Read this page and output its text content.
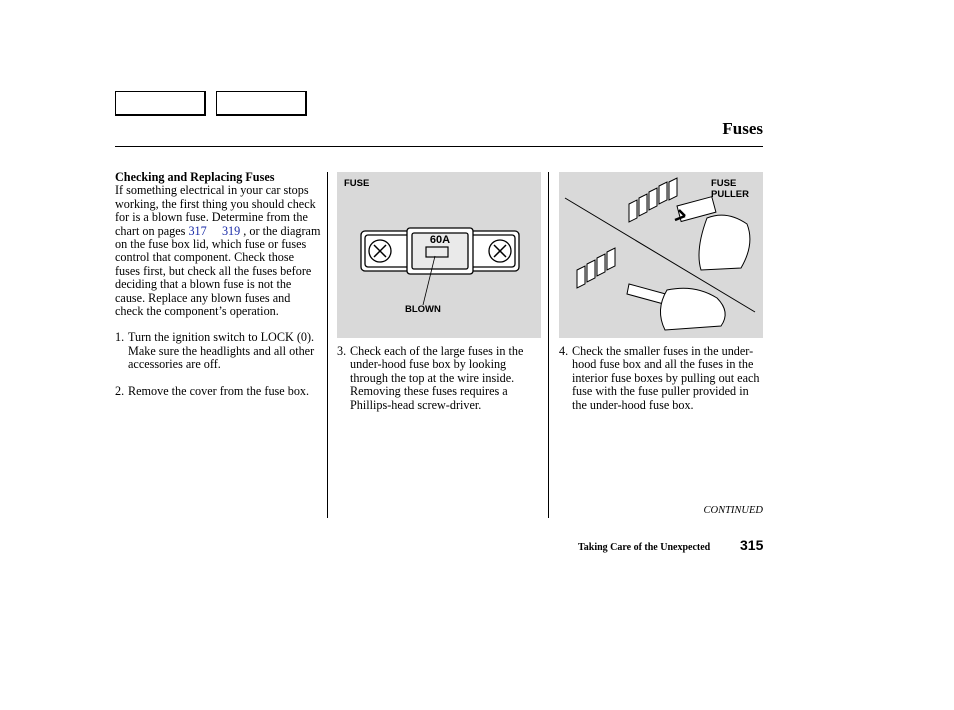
Fuses
Checking and Replacing Fuses

If something electrical in your car stops working, the first thing you should check for is a blown fuse. Determine from the chart on pages 317 319 , or the diagram on the fuse box lid, which fuse or fuses control that component. Check those fuses first, but check all the fuses before deciding that a blown fuse is not the cause. Replace any blown fuses and check the component’s operation.

1. Turn the ignition switch to LOCK (0). Make sure the headlights and all other accessories are off.

2. Remove the cover from the fuse box.

FUSE
60A
BLOWN
FUSE
PULLER

3. Check each of the large fuses in the under-hood fuse box by looking through the top at the wire inside. Removing these fuses requires a Phillips-head screw-driver.

4. Check the smaller fuses in the under-hood fuse box and all the fuses in the interior fuse boxes by pulling out each fuse with the fuse puller provided in the under-hood fuse box.

CONTINUED
Taking Care of the Unexpected 315
